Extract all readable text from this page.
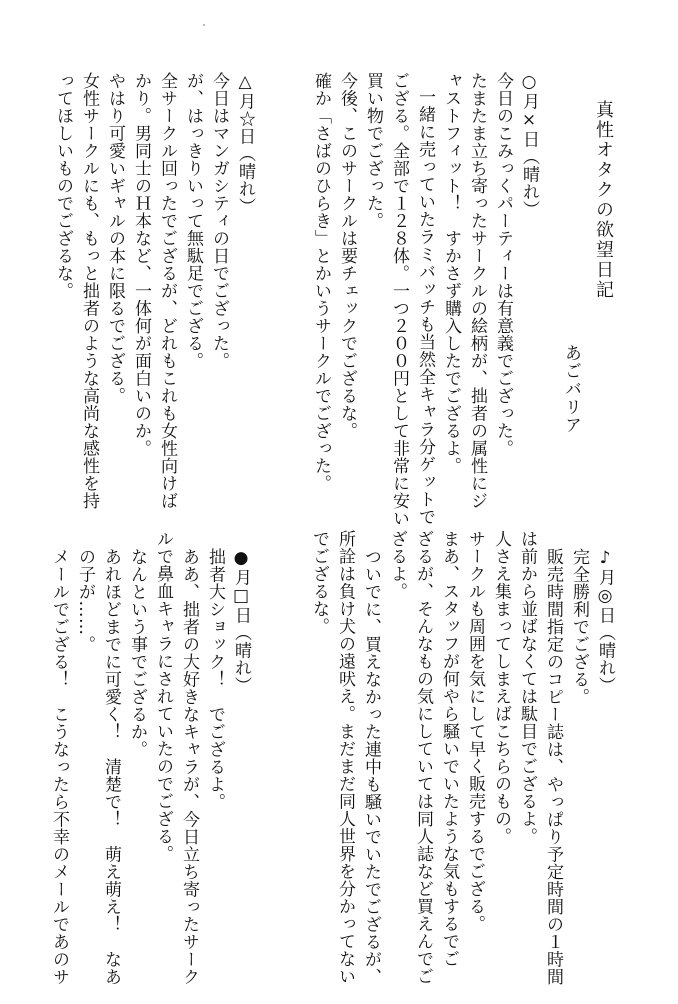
真性オタクの欲望日記
あごバリア
○月×日（晴れ）
今日のこみっくパーティーは有意義でござった。
たまたま立ち寄ったサークルの絵柄が、拙者の属性にジ
ャストフィット！　すかさず購入したでござるよ。
一緒に売っていたラミバッチも当然全キャラ分ゲットで
ござる。全部で１２８体。一つ２００円として非常に安い
買い物でござった。
今後、このサークルは要チェックでござるな。
確か「さばのひらき」とかいうサークルでござった。
△月☆日（晴れ）
今日はマンガシティの日でござった。
が、はっきりいって無駄足でござる。
全サークル回ったでござるが、どれもこれも女性向けば
かり。男同士のＨ本など、一体何が面白いのか。
やはり可愛いギャルの本に限るでござる。
女性サークルにも、もっと拙者のような高尚な感性を持
ってほしいものでござるな。
♪月◎日（晴れ）
完全勝利でござる。
販売時間指定のコピー誌は、やっぱり予定時間の１時間
は前から並ばなくては駄目でござるよ。
人さえ集まってしまえばこちらのもの。
サークルも周囲を気にして早く販売するでござる。
まあ、スタッフが何やら騒いでいたような気もするでご
ざるが、そんなもの気にしていては同人誌など買えんでご
ざるよ。
ついでに、買えなかった連中も騒いでいたでござるが、
所詮は負け犬の遠吠え。まだまだ同人世界を分かってない
でござるな。
●月□日（晴れ）
拙者大ショック！　でござるよ。
ああ、拙者の大好きなキャラが、今日立ち寄ったサーク
ルで鼻血キャラにされていたのでござる。
なんという事でござるか。
あれほどまでに可愛く！　清楚で！　萌え萌え！　なあ
の子が……。
メールでござる！　こうなったら不幸のメールであのサ
